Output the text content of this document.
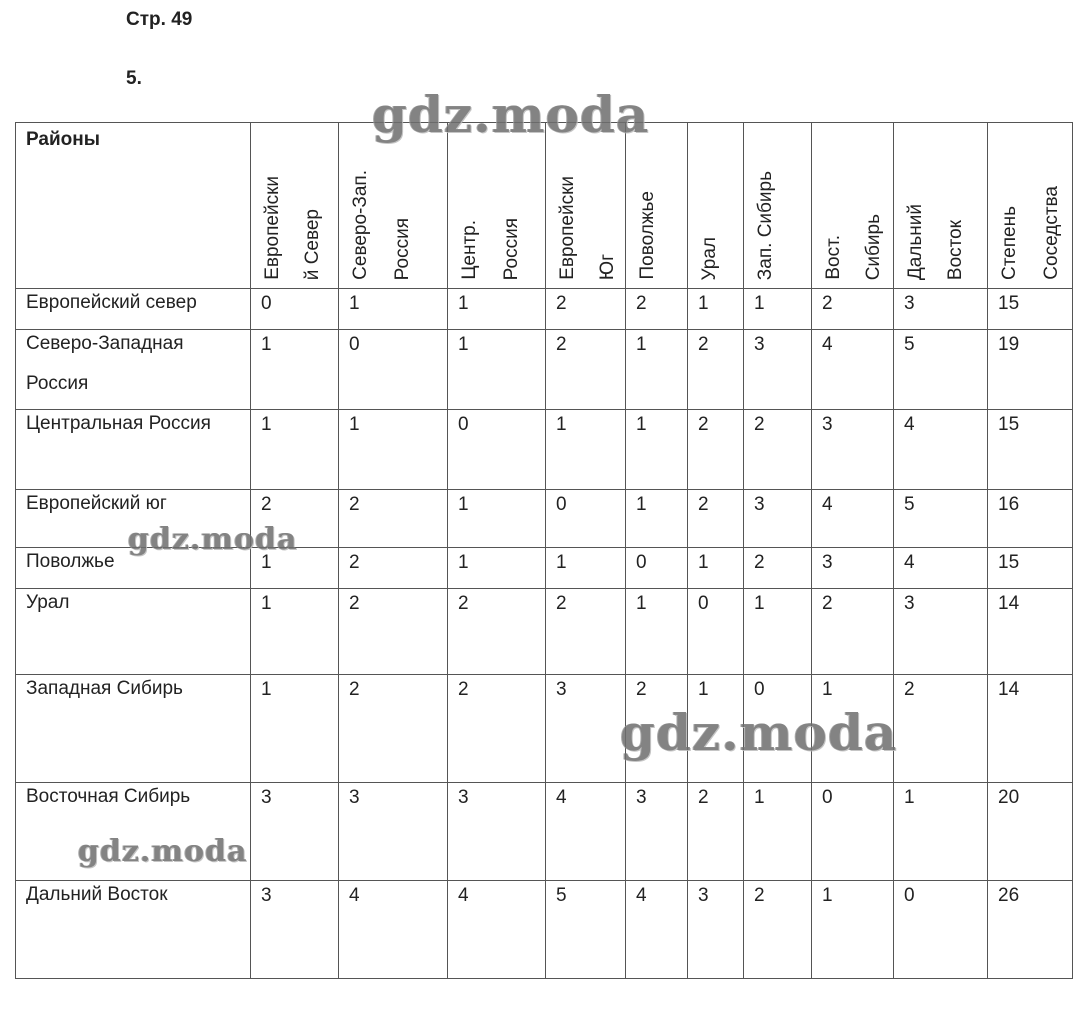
Стр. 49
5.
Районы	Европейски й Север	Северо-Зап. Россия	Центр. Россия	Европейски Юг	Поволжье	Урал	Зап. Сибирь	Вост. Сибирь	Дальний Восток	Степень Соседства

Европейский север	0	1	1	2	2	1	1	2	3	15

Северо-Западная Россия	1	0	1	2	1	2	3	4	5	19

Центральная Россия	1	1	0	1	1	2	2	3	4	15

Европейский юг	2	2	1	0	1	2	3	4	5	16

Поволжье	1	2	1	1	0	1	2	3	4	15

Урал	1	2	2	2	1	0	1	2	3	14

Западная Сибирь	1	2	2	3	2	1	0	1	2	14

Восточная Сибирь	3	3	3	4	3	2	1	0	1	20

Дальний Восток	3	4	4	5	4	3	2	1	0	26
gdz.moda
gdz.moda
gdz.moda
gdz.moda
